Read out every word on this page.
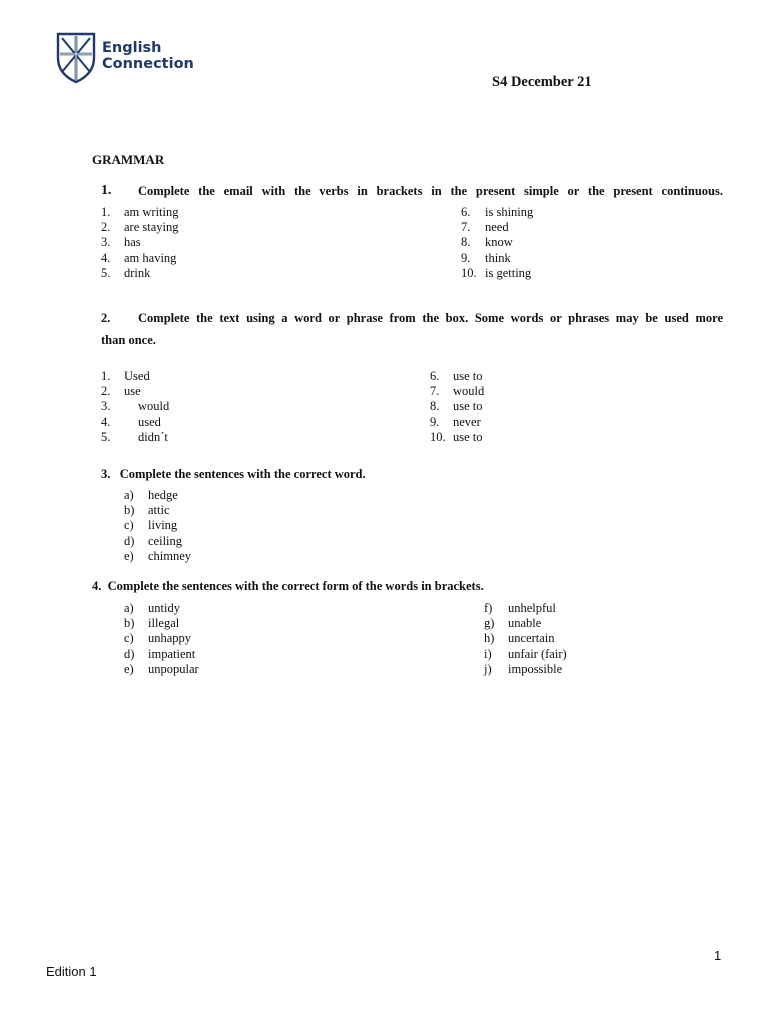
English
Connection
S4 December 21
GRAMMAR
1. Complete the email with the verbs in brackets in the present simple or the present continuous.
1.	am writing
2.	are staying
3.	has
4.	am having
5.	drink
6.	is shining
7.	need
8.	know
9.	think
10. is getting
2. Complete the text using a word or phrase from the box. Some words or phrases may be used more
than once.
1.	Used
2.	use
3.	would
4.	used
5.	didn´t
6.	use to
7.	would
8.	use to
9.	never
10. use to
3.   Complete the sentences with the correct word.
a)	hedge
b)	attic
c)	living
d)	ceiling
e)	chimney
4.  Complete the sentences with the correct form of the words in brackets.
a)	untidy
b)	illegal
c)	unhappy
d)	impatient
e)	unpopular
f)	unhelpful
g)	unable
h)	uncertain
i)	unfair (fair)
j)	impossible
1
Edition 1
